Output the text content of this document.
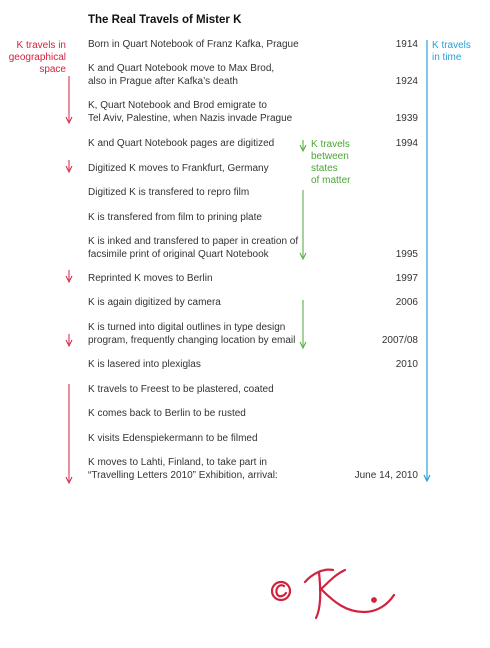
The Real Travels of Mister K
K travels in
geographical
space
K travels
in time
K travels
between
states
of matter
Born in Quart Notebook of Franz Kafka, Prague	1914
K and Quart Notebook move to Max Brod,
also in Prague after Kafka’s death	1924
K, Quart Notebook and Brod emigrate to
Tel Aviv, Palestine, when Nazis invade Prague	1939
K and Quart Notebook pages are digitized	1994
Digitized K moves to Frankfurt, Germany
Digitized K is transfered to repro film
K is transfered from film to prining plate
K is inked and transfered to paper in creation of
facsimile print of original Quart Notebook	1995
Reprinted K moves to Berlin	1997
K is again digitized by camera	2006
K is turned into digital outlines in type design
program, frequently changing location by email	2007/08
K is lasered into plexiglas	2010
K travels to Freest to be plastered, coated
K comes back to Berlin to be rusted
K visits Edenspiekermann to be filmed
K moves to Lahti, Finland, to take part in
“Travelling Letters 2010” Exhibition, arrival:	June 14, 2010
